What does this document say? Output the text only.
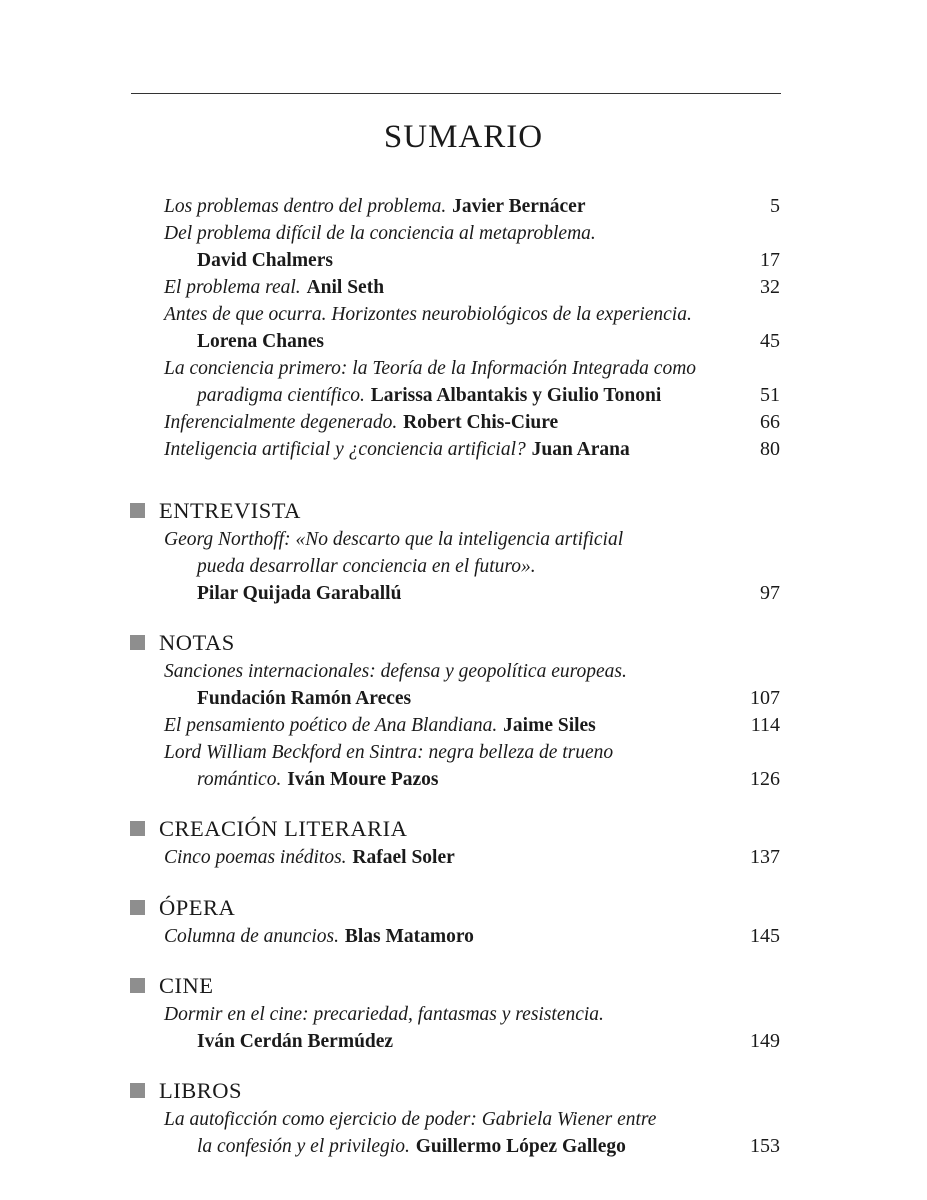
SUMARIO
Los problemas dentro del problema. Javier Bernácer	5
Del problema difícil de la conciencia al metaproblema.
David Chalmers	17
El problema real. Anil Seth	32
Antes de que ocurra. Horizontes neurobiológicos de la experiencia.
Lorena Chanes	45
La conciencia primero: la Teoría de la Información Integrada como
paradigma científico. Larissa Albantakis y Giulio Tononi	51
Inferencialmente degenerado. Robert Chis-Ciure	66
Inteligencia artificial y ¿conciencia artificial? Juan Arana	80
ENTREVISTA
Georg Northoff: «No descarto que la inteligencia artificial
pueda desarrollar conciencia en el futuro».
Pilar Quijada Garaballú	97
NOTAS
Sanciones internacionales: defensa y geopolítica europeas.
Fundación Ramón Areces	107
El pensamiento poético de Ana Blandiana. Jaime Siles	114
Lord William Beckford en Sintra: negra belleza de trueno
romántico. Iván Moure Pazos	126
CREACIÓN LITERARIA
Cinco poemas inéditos. Rafael Soler	137
ÓPERA
Columna de anuncios. Blas Matamoro	145
CINE
Dormir en el cine: precariedad, fantasmas y resistencia.
Iván Cerdán Bermúdez	149
LIBROS
La autoficción como ejercicio de poder: Gabriela Wiener entre
la confesión y el privilegio. Guillermo López Gallego	153
